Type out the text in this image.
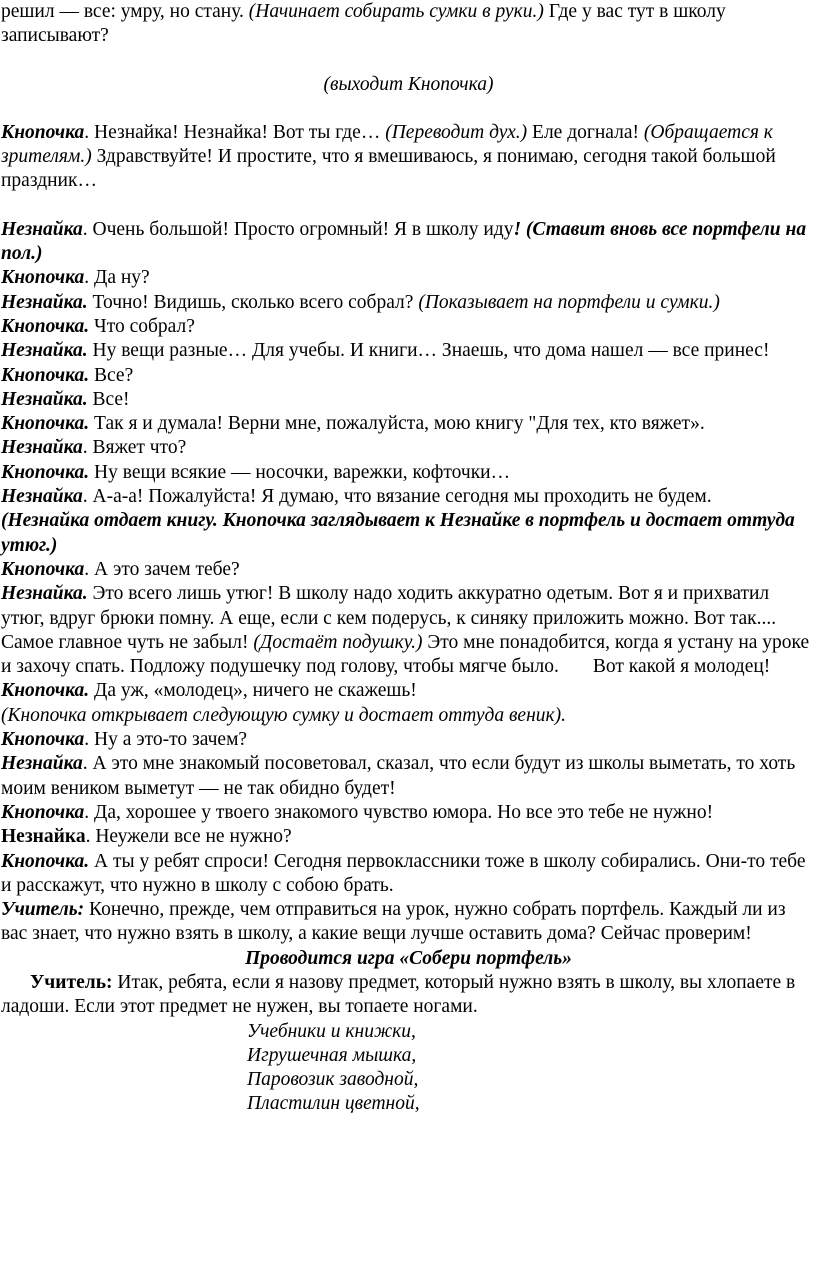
решил — все: умру, но стану. (Начинает собирать сумки в руки.) Где у вас тут в школу записывают?

(выходит Кнопочка)

Кнопочка. Незнайка! Незнайка! Вот ты где… (Переводит дух.) Еле догнала! (Обращается к зрителям.) Здравствуйте! И простите, что я вмешиваюсь, я понимаю, сегодня такой большой праздник…

Незнайка. Очень большой! Просто огромный! Я в школу иду! (Ставит вновь все портфели на пол.)

Кнопочка. Да ну?

Незнайка. Точно! Видишь, сколько всего собрал? (Показывает на портфели и сумки.)

Кнопочка. Что собрал?

Незнайка. Ну вещи разные… Для учебы. И книги… Знаешь, что дома нашел — все принес!

Кнопочка. Все?

Незнайка. Все!

Кнопочка. Так я и думала! Верни мне, пожалуйста, мою книгу "Для тех, кто вяжет».

Незнайка. Вяжет что?

Кнопочка. Ну вещи всякие — носочки, варежки, кофточки…

Незнайка. А-а-а! Пожалуйста! Я думаю, что вязание сегодня мы проходить не будем.

(Незнайка отдает книгу. Кнопочка заглядывает к Незнайке в портфель и достает оттуда утюг.)

Кнопочка. А это зачем тебе?

Незнайка. Это всего лишь утюг! В школу надо ходить аккуратно одетым. Вот я и прихватил утюг, вдруг брюки помну. А еще, если с кем подерусь, к синяку приложить можно. Вот так....

Самое главное чуть не забыл! (Достаёт подушку.) Это мне понадобится, когда я устану на уроке и захочу спать. Подложу подушечку под голову, чтобы мягче было. Вот какой я молодец!

Кнопочка. Да уж, «молодец», ничего не скажешь!

(Кнопочка открывает следующую сумку и достает оттуда веник).

Кнопочка. Ну а это-то зачем?

Незнайка. А это мне знакомый посоветовал, сказал, что если будут из школы выметать, то хоть моим веником выметут — не так обидно будет!

Кнопочка. Да, хорошее у твоего знакомого чувство юмора. Но все это тебе не нужно!

Незнайка. Неужели все не нужно?

Кнопочка. А ты у ребят спроси! Сегодня первоклассники тоже в школу собирались. Они-то тебе и расскажут, что нужно в школу с собою брать.

Учитель: Конечно, прежде, чем отправиться на урок, нужно собрать портфель. Каждый ли из вас знает, что нужно взять в школу, а какие вещи лучше оставить дома? Сейчас проверим!

Проводится игра «Собери портфель»

Учитель: Итак, ребята, если я назову предмет, который нужно взять в школу, вы хлопаете в ладоши. Если этот предмет не нужен, вы топаете ногами.

Учебники и книжки,

Игрушечная мышка,

Паровозик заводной,

Пластилин цветной,
